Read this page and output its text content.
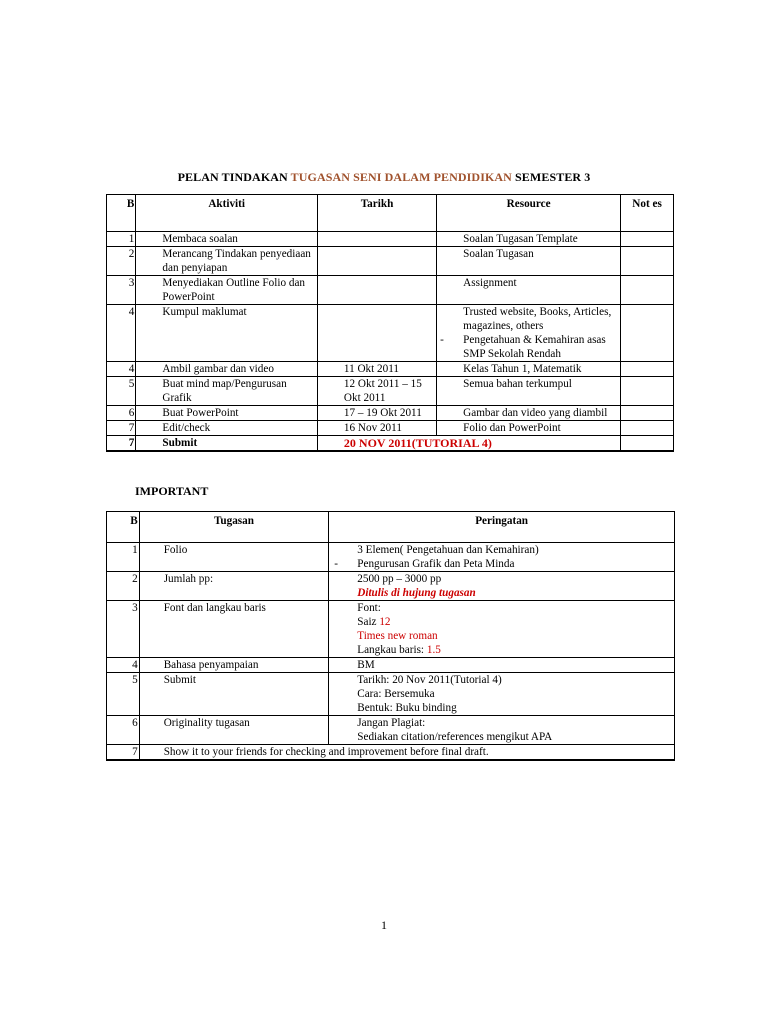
PELAN TINDAKAN TUGASAN SENI DALAM PENDIDIKAN SEMESTER 3
B	Aktiviti	Tarikh	Resource	Not es

1	Membaca soalan		Soalan Tugasan Template	

2	Merancang Tindakan penyediaan dan penyiapan		Soalan Tugasan	

3	Menyediakan Outline Folio dan PowerPoint		Assignment	

4	Kumpul maklumat		Trusted website, Books, Articles, magazines, others
- Pengetahuan & Kemahiran asas SMP Sekolah Rendah	

4	Ambil gambar dan video	11 Okt 2011	Kelas Tahun 1, Matematik	

5	Buat mind map/Pengurusan Grafik	12 Okt 2011 – 15 Okt 2011	Semua bahan terkumpul	

6	Buat PowerPoint	17 – 19 Okt 2011	Gambar dan video yang diambil	

7	Edit/check	16 Nov 2011	Folio dan PowerPoint	

7	Submit	20 NOV 2011(TUTORIAL 4)		
IMPORTANT
B	Tugasan	Peringatan
1	Folio	3 Elemen( Pengetahuan dan Kemahiran)
- Pengurusan Grafik dan Peta Minda

2	Jumlah pp:	2500 pp – 3000 pp
Ditulis di hujung tugasan

3	Font dan langkau baris	Font:
Saiz 12
Times new roman
Langkau baris: 1.5

4	Bahasa penyampaian	BM

5	Submit	Tarikh: 20 Nov 2011(Tutorial 4)
Cara: Bersemuka
Bentuk: Buku binding

6	Originality tugasan	Jangan Plagiat:
Sediakan citation/references mengikut APA

7	Show it to your friends for checking and improvement before final draft.	
1
